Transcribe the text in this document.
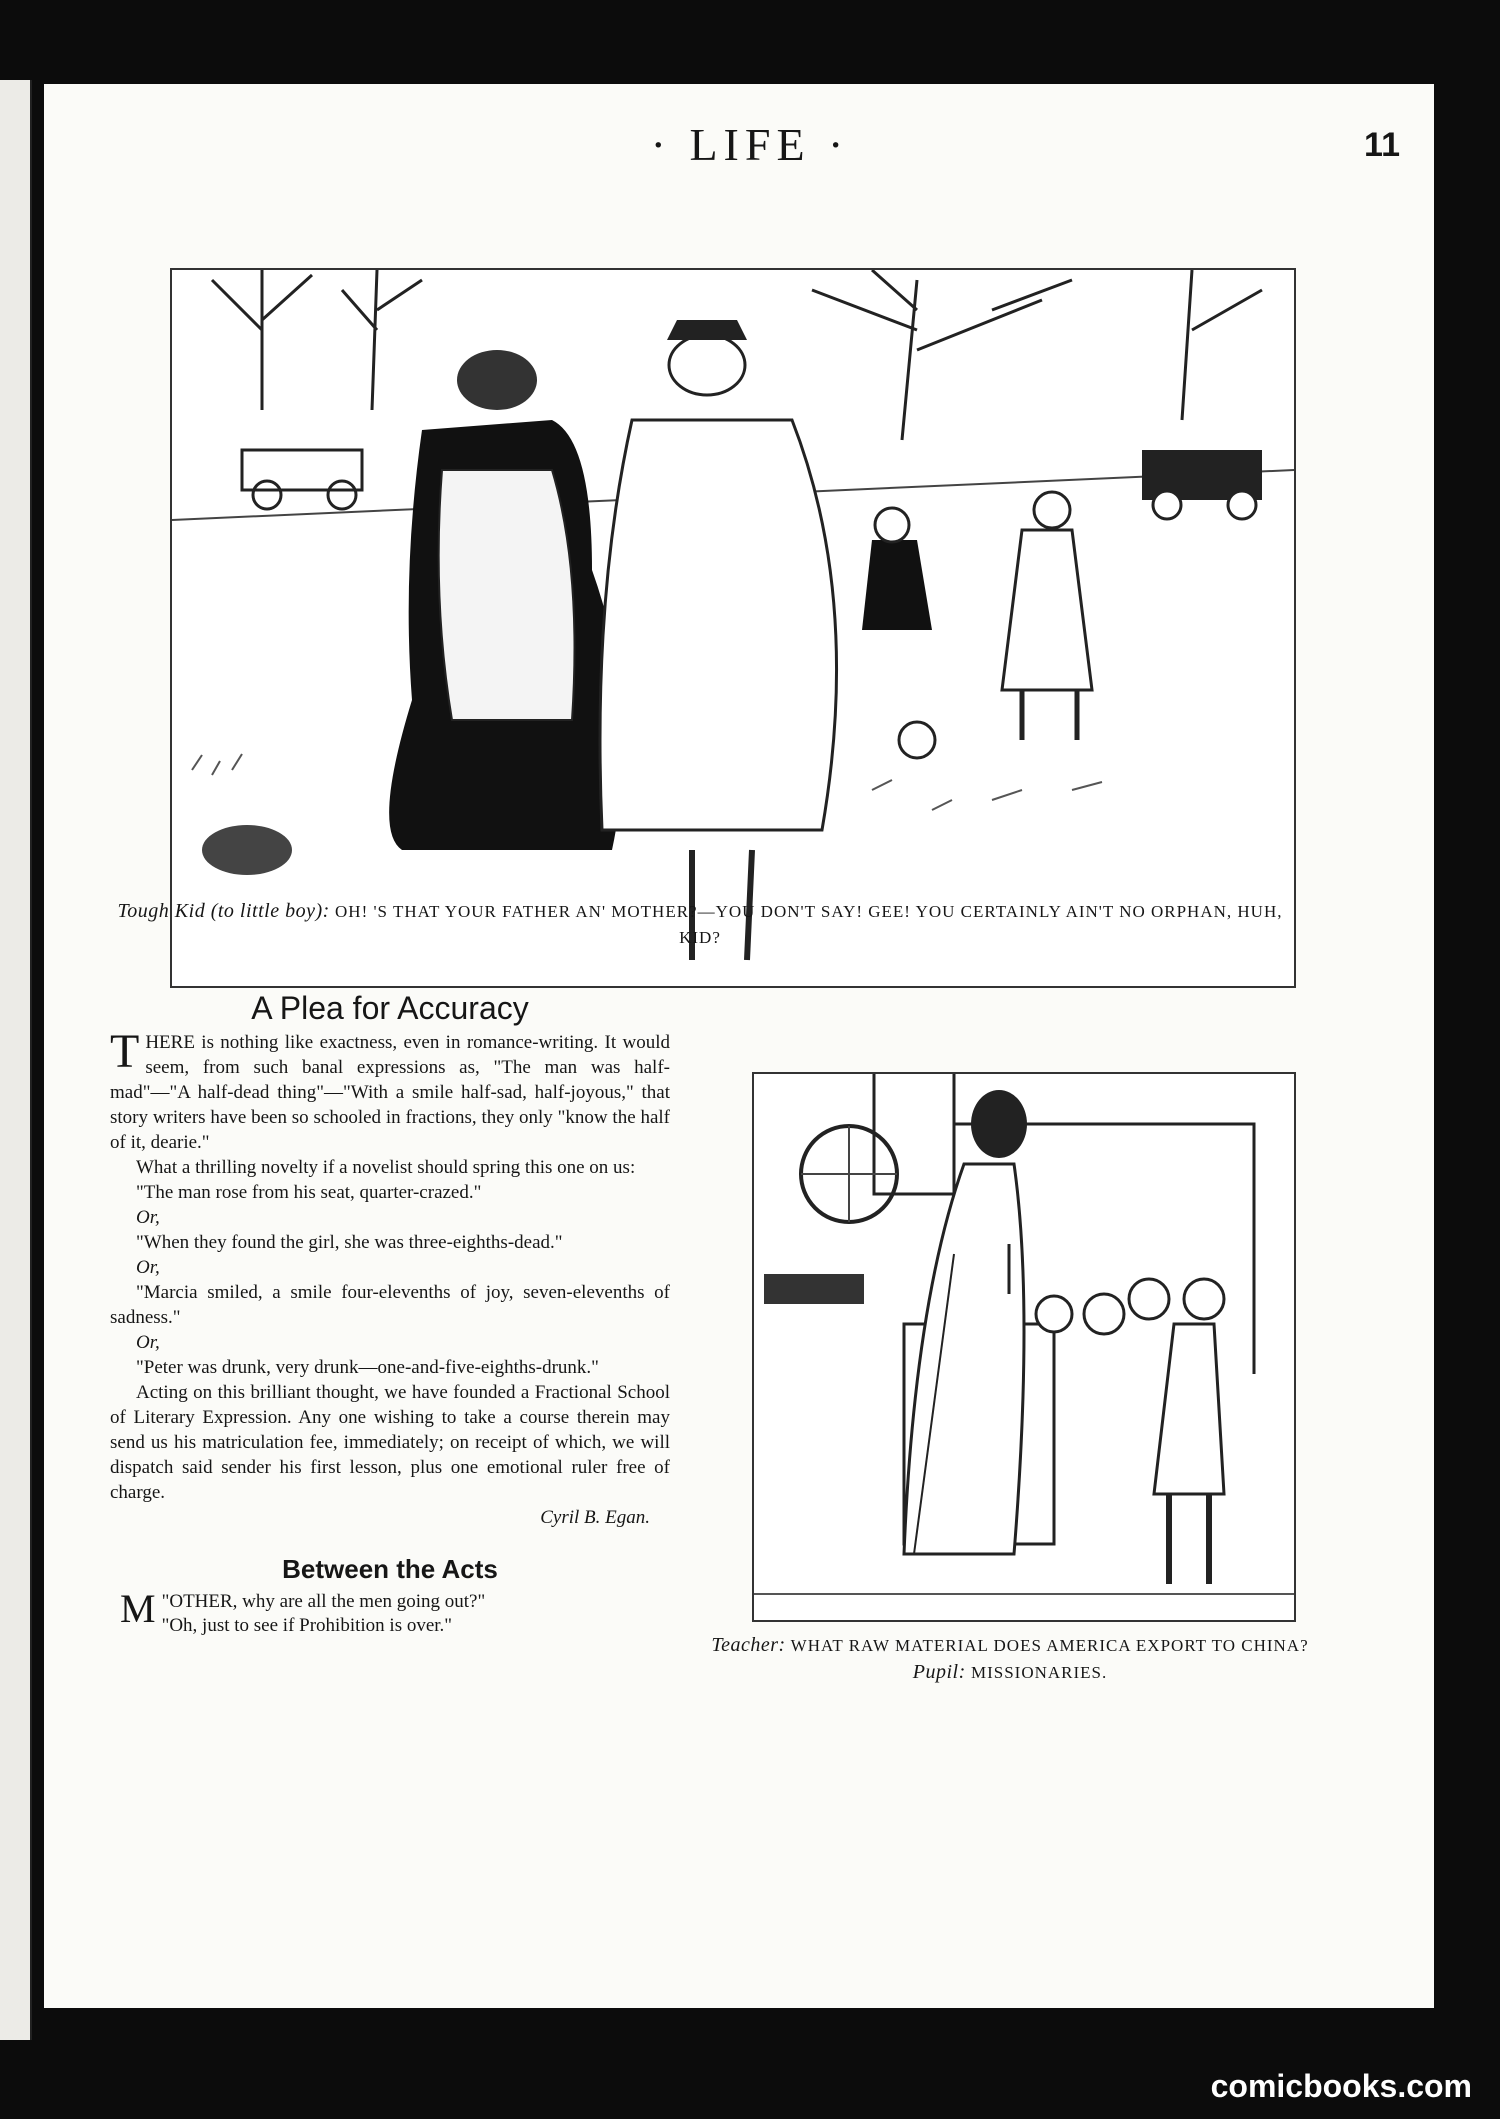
· LIFE ·	11
Tough Kid (to little boy): OH! 'S THAT YOUR FATHER AN' MOTHER?—YOU DON'T SAY! GEE! YOU CERTAINLY AIN'T NO ORPHAN, HUH, KID?
A Plea for Accuracy

THERE is nothing like exactness, even in romance-writing. It would seem, from such banal expressions as, "The man was half-mad"—"A half-dead thing"—"With a smile half-sad, half-joyous," that story writers have been so schooled in fractions, they only "know the half of it, dearie."

What a thrilling novelty if a novelist should spring this one on us:

"The man rose from his seat, quarter-crazed."

Or,

"When they found the girl, she was three-eighths-dead."

Or,

"Marcia smiled, a smile four-elevenths of joy, seven-elevenths of sadness."

Or,

"Peter was drunk, very drunk—one-and-five-eighths-drunk."

Acting on this brilliant thought, we have founded a Fractional School of Literary Expression. Any one wishing to take a course therein may send us his matriculation fee, immediately; on receipt of which, we will dispatch said sender his first lesson, plus one emotional ruler free of charge.

Cyril B. Egan.
Between the Acts

"
M OTHER, why are all the men going out?"

"Oh, just to see if Prohibition is over."

Teacher: WHAT RAW MATERIAL DOES AMERICA EXPORT TO CHINA?
Pupil: MISSIONARIES.
comicbooks.com
